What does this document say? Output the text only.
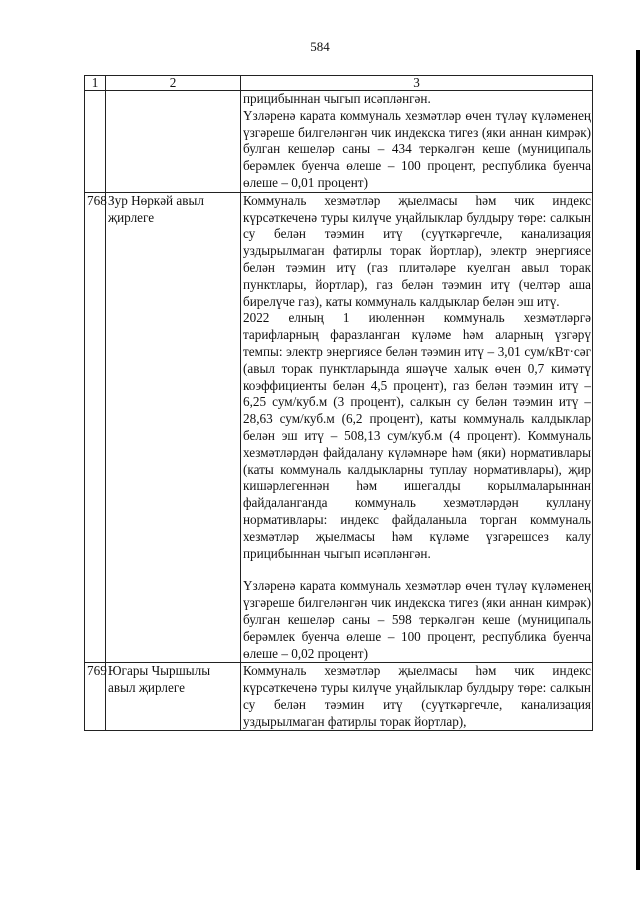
584
1	2	3

		прицибыннан чыгып исәпләнгән.

Үзләренә карата коммуналь хезмәтләр өчен түләү күләменең үзгәреше билгеләнгән чик индекска тигез (яки аннан кимрәк) булган кешеләр саны – 434 теркәлгән кеше (муниципаль берәмлек буенча өлеше – 100 процент, республика буенча өлеше – 0,01 процент)

768	Зур Нөркәй авыл җирлеге	Коммуналь хезмәтләр җыелмасы һәм чик индекс күрсәткеченә туры килүче уңайлыклар булдыру төре: салкын су белән тәэмин итү (суүткәргечле, канализация уздырылмаган фатирлы торак йортлар), электр энергиясе белән тәэмин итү (газ плитәләре куелган авыл торак пунктлары, йортлар), газ белән тәэмин итү (челтәр аша бирелүче газ), каты коммуналь калдыклар белән эш итү.

2022 елның 1 июленнән коммуналь хезмәтләргә тарифларның фаразланган күләме һәм аларның үзгәрү темпы: электр энергиясе белән тәэмин итү – 3,01 сум/кВт·сәг (авыл торак пунктларында яшәүче халык өчен 0,7 кимәтү коэффициенты белән 4,5 процент), газ белән тәэмин итү – 6,25 сум/куб.м (3 процент), салкын су белән тәэмин итү – 28,63 сум/куб.м (6,2 процент), каты коммуналь калдыклар белән эш итү – 508,13 сум/куб.м (4 процент). Коммуналь хезмәтләрдән файдалану күләмнәре һәм (яки) нормативлары (каты коммуналь калдыкларны туплау нормативлары), җир кишәрлегеннән һәм ишегалды корылмаларыннан файдаланганда коммуналь хезмәтләрдән куллану нормативлары: индекс файдаланыла торган коммуналь хезмәтләр җыелмасы һәм күләме үзгәрешсез калу прицибыннан чыгып исәпләнгән.

Үзләренә карата коммуналь хезмәтләр өчен түләү күләменең үзгәреше билгеләнгән чик индекска тигез (яки аннан кимрәк) булган кешеләр саны – 598 теркәлгән кеше (муниципаль берәмлек буенча өлеше – 100 процент, республика буенча өлеше – 0,02 процент)

769	Югары Чыршылы авыл җирлеге	Коммуналь хезмәтләр җыелмасы һәм чик индекс күрсәткеченә туры килүче уңайлыклар булдыру төре: салкын су белән тәэмин итү (суүткәргечле, канализация уздырылмаган фатирлы торак йортлар),
